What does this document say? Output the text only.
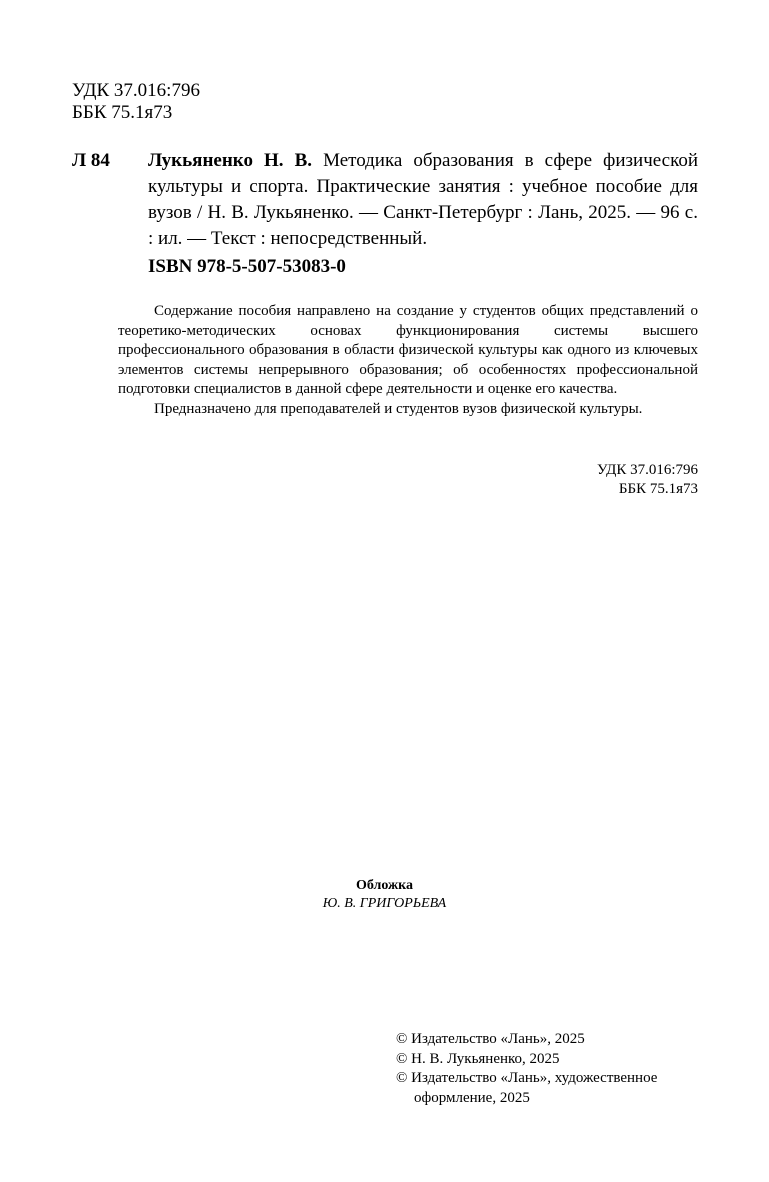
УДК 37.016:796
ББК 75.1я73
Л 84 Лукьяненко Н. В. Методика образования в сфере физической культуры и спорта. Практические занятия : учебное пособие для вузов / Н. В. Лукьяненко. — Санкт-Петербург : Лань, 2025. — 96 с. : ил. — Текст : непосредственный.
ISBN 978-5-507-53083-0

Содержание пособия направлено на создание у студентов общих представлений о теоретико-методических основах функционирования системы высшего профессионального образования в области физической культуры как одного из ключевых элементов системы непрерывного образования; об особенностях профессиональной подготовки специалистов в данной сфере деятельности и оценке его качества.

Предназначено для преподавателей и студентов вузов физической культуры.

УДК 37.016:796
ББК 75.1я73
Обложка
Ю. В. ГРИГОРЬЕВА
© Издательство «Лань», 2025
© Н. В. Лукьяненко, 2025
© Издательство «Лань», художественное
оформление, 2025
